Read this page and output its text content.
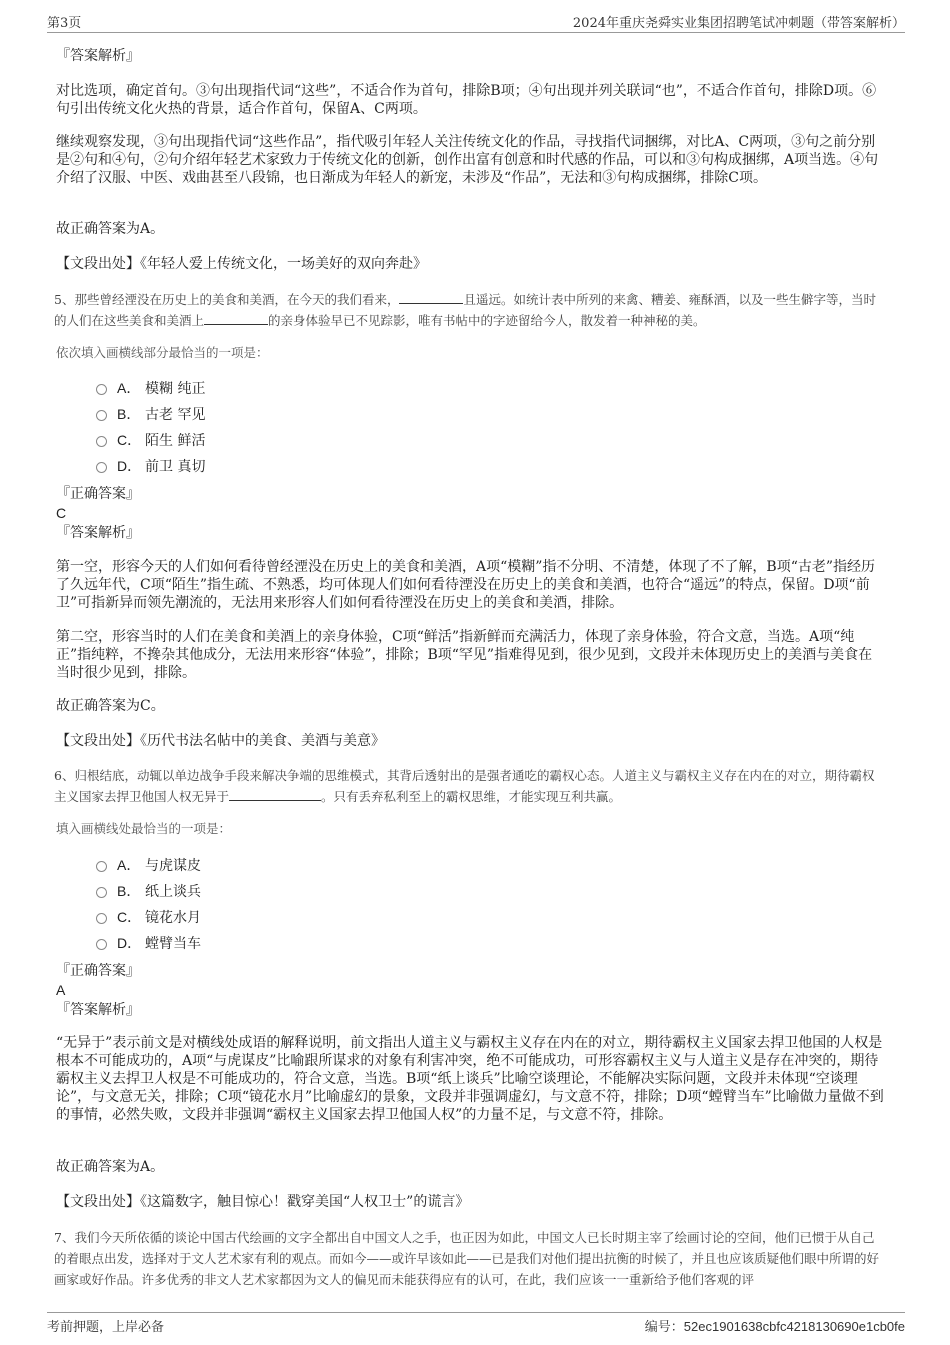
第3页	2024年重庆尧舜实业集团招聘笔试冲刺题（带答案解析）
『答案解析』
对比选项，确定首句。③句出现指代词“这些”，不适合作为首句，排除B项；④句出现并列关联词“也”，不适合作首句，排除D项。⑥句引出传统文化火热的背景，适合作首句，保留A、C两项。
继续观察发现，③句出现指代词“这些作品”，指代吸引年轻人关注传统文化的作品，寻找指代词捆绑，对比A、C两项，③句之前分别是②句和④句，②句介绍年轻艺术家致力于传统文化的创新，创作出富有创意和时代感的作品，可以和③句构成捆绑，A项当选。④句介绍了汉服、中医、戏曲甚至八段锦，也日渐成为年轻人的新宠，未涉及“作品”，无法和③句构成捆绑，排除C项。
故正确答案为A。
【文段出处】《年轻人爱上传统文化，一场美好的双向奔赴》
5、那些曾经湮没在历史上的美食和美酒，在今天的我们看来，	且遥远。如统计表中所列的来禽、糟姜、雍酥酒，以及一些生僻字等，当时的人们在这些美食和美酒上	的亲身体验早已不见踪影，唯有书帖中的字迹留给今人，散发着一种神秘的美。
依次填入画横线部分最恰当的一项是：
A． 模糊 纯正
B． 古老 罕见
C． 陌生 鲜活
D． 前卫 真切
『正确答案』
C
『答案解析』
第一空，形容今天的人们如何看待曾经湮没在历史上的美食和美酒，A项“模糊”指不分明、不清楚，体现了不了解，B项“古老”指经历了久远年代，C项“陌生”指生疏、不熟悉，均可体现人们如何看待湮没在历史上的美食和美酒，也符合“遥远”的特点，保留。D项“前卫”可指新异而领先潮流的，无法用来形容人们如何看待湮没在历史上的美食和美酒，排除。
第二空，形容当时的人们在美食和美酒上的亲身体验，C项“鲜活”指新鲜而充满活力，体现了亲身体验，符合文意，当选。A项“纯正”指纯粹，不搀杂其他成分，无法用来形容“体验”，排除；B项“罕见”指难得见到，很少见到，文段并未体现历史上的美酒与美食在当时很少见到，排除。
故正确答案为C。
【文段出处】《历代书法名帖中的美食、美酒与美意》
6、归根结底，动辄以单边战争手段来解决争端的思维模式，其背后透射出的是强者通吃的霸权心态。人道主义与霸权主义存在内在的对立，期待霸权主义国家去捍卫他国人权无异于	。只有丢弃私利至上的霸权思维，才能实现互利共赢。
填入画横线处最恰当的一项是：
A． 与虎谋皮
B． 纸上谈兵
C． 镜花水月
D． 螳臂当车
『正确答案』
A
『答案解析』
“无异于”表示前文是对横线处成语的解释说明，前文指出人道主义与霸权主义存在内在的对立，期待霸权主义国家去捍卫他国的人权是根本不可能成功的，A项“与虎谋皮”比喻跟所谋求的对象有利害冲突，绝不可能成功，可形容霸权主义与人道主义是存在冲突的，期待霸权主义去捍卫人权是不可能成功的，符合文意，当选。B项“纸上谈兵”比喻空谈理论，不能解决实际问题，文段并未体现“空谈理论”，与文意无关，排除；C项“镜花水月”比喻虚幻的景象，文段并非强调虚幻，与文意不符，排除；D项“螳臂当车”比喻做力量做不到的事情，必然失败，文段并非强调“霸权主义国家去捍卫他国人权”的力量不足，与文意不符，排除。
故正确答案为A。
【文段出处】《这篇数字，触目惊心！戳穿美国“人权卫士”的谎言》
7、我们今天所依循的谈论中国古代绘画的文字全都出自中国文人之手，也正因为如此，中国文人已长时期主宰了绘画讨论的空间，他们已惯于从自己的着眼点出发，选择对于文人艺术家有利的观点。而如今——或许早该如此——已是我们对他们提出抗衡的时候了，并且也应该质疑他们眼中所谓的好画家或好作品。许多优秀的非文人艺术家都因为文人的偏见而未能获得应有的认可，在此，我们应该一一重新给予他们客观的评
考前押题，上岸必备	编号：52ec1901638cbfc4218130690e1cb0fe
